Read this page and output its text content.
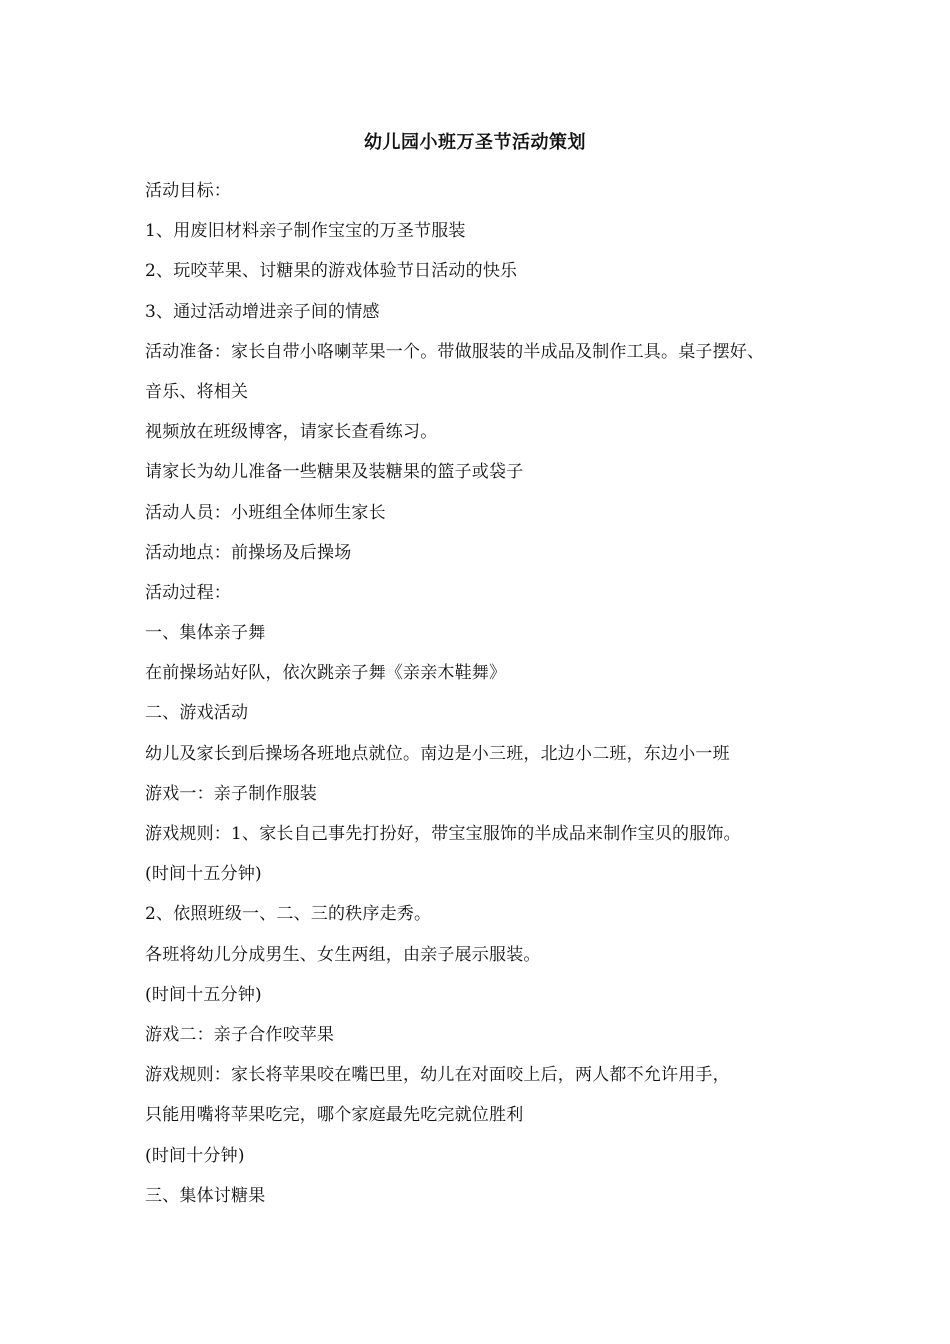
幼儿园小班万圣节活动策划
活动目标：
1、用废旧材料亲子制作宝宝的万圣节服装
2、玩咬苹果、讨糖果的游戏体验节日活动的快乐
3、通过活动增进亲子间的情感
活动准备：家长自带小咯喇苹果一个。带做服装的半成品及制作工具。桌子摆好、
音乐、将相关
视频放在班级博客，请家长查看练习。
请家长为幼儿准备一些糖果及装糖果的篮子或袋子
活动人员：小班组全体师生家长
活动地点：前操场及后操场
活动过程：
一、集体亲子舞
在前操场站好队，依次跳亲子舞《亲亲木鞋舞》
二、游戏活动
幼儿及家长到后操场各班地点就位。南边是小三班，北边小二班，东边小一班
游戏一：亲子制作服装
游戏规则：1、家长自己事先打扮好，带宝宝服饰的半成品来制作宝贝的服饰。
(时间十五分钟)
2、依照班级一、二、三的秩序走秀。
各班将幼儿分成男生、女生两组，由亲子展示服装。
(时间十五分钟)
游戏二：亲子合作咬苹果
游戏规则：家长将苹果咬在嘴巴里，幼儿在对面咬上后，两人都不允许用手，
只能用嘴将苹果吃完，哪个家庭最先吃完就位胜利
(时间十分钟)
三、集体讨糖果
